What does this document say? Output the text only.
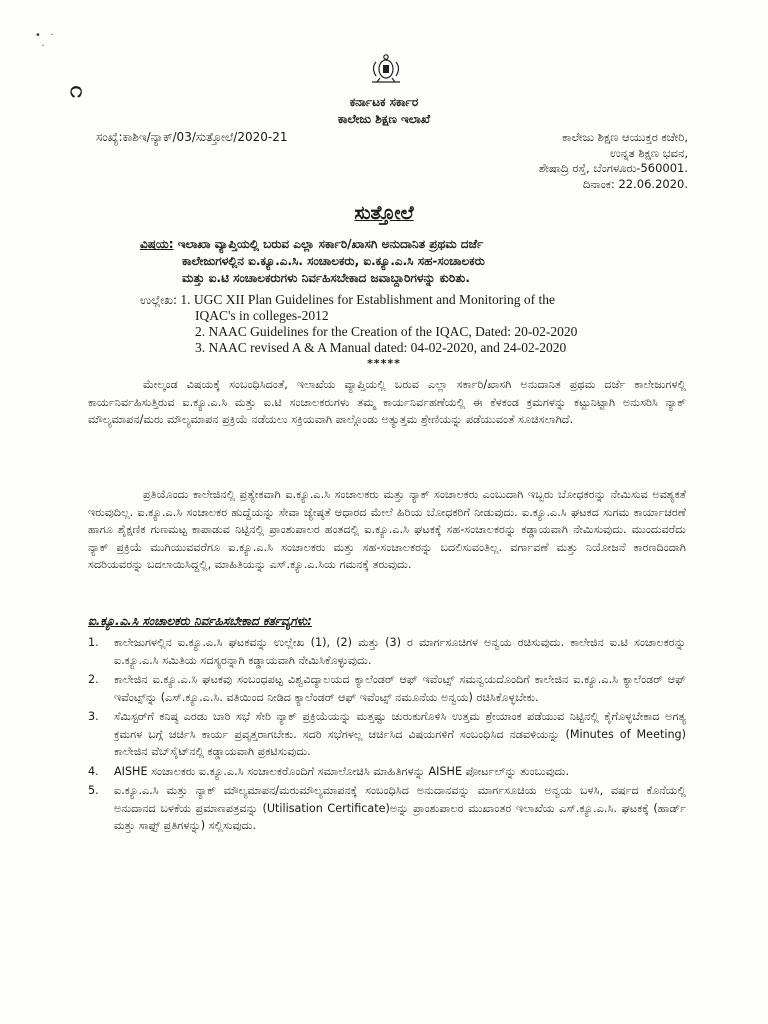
•   ·
·
೧	ಕರ್ನಾಟಕ ಸರ್ಕಾರ
ಕಾಲೇಜು ಶಿಕ್ಷಣ ಇಲಾಖೆ
ಸಂಖ್ಯೆ:ಕಾಶಿಇ/ನ್ಯಾಕ್/03/ಸುತ್ತೋಲೆ/2020-21	ಕಾಲೇಜು ಶಿಕ್ಷಣ ಆಯುಕ್ತರ ಕಚೇರಿ,
ಉನ್ನತ ಶಿಕ್ಷಣ ಭವನ,
ಶೇಷಾದ್ರಿ ರಸ್ತೆ, ಬೆಂಗಳೂರು-560001.
ದಿನಾಂಕ: 22.06.2020.
ಸುತ್ತೋಲೆ
ವಿಷಯ: ಇಲಾಖಾ ವ್ಯಾಪ್ತಿಯಲ್ಲಿ ಬರುವ ಎಲ್ಲಾ ಸರ್ಕಾರಿ/ಖಾಸಗಿ ಅನುದಾನಿತ ಪ್ರಥಮ ದರ್ಜೆ
ಕಾಲೇಜುಗಳಲ್ಲಿನ ಐ.ಕ್ಯೂ.ಎ.ಸಿ. ಸಂಚಾಲಕರು, ಐ.ಕ್ಯೂ.ಎ.ಸಿ ಸಹ-ಸಂಚಾಲಕರು
ಮತ್ತು ಐ.ಟಿ ಸಂಚಾಲಕರುಗಳು ನಿರ್ವಹಿಸಬೇಕಾದ ಜವಾಬ್ದಾರಿಗಳನ್ನು ಕುರಿತು.
ಉಲ್ಲೇಖ: 1. UGC XII Plan Guidelines for Establishment and Monitoring of the
IQAC's in colleges-2012
2. NAAC Guidelines for the Creation of the IQAC, Dated: 20-02-2020
3. NAAC revised A & A Manual dated: 04-02-2020, and 24-02-2020
*****
ಮೇಲ್ಕಂಡ ವಿಷಯಕ್ಕೆ ಸಂಬಂಧಿಸಿದಂತೆ, ಇಲಾಖೆಯ ವ್ಯಾಪ್ತಿಯಲ್ಲಿ ಬರುವ ಎಲ್ಲಾ ಸರ್ಕಾರಿ/ಖಾಸಗಿ ಅನುದಾನಿತ ಪ್ರಥಮ ದರ್ಜೆ ಕಾಲೇಜುಗಳಲ್ಲಿ ಕಾರ್ಯನಿರ್ವಹಿಸುತ್ತಿರುವ ಐ.ಕ್ಯೂ.ಎ.ಸಿ ಮತ್ತು ಐ.ಟಿ ಸಂಚಾಲಕರುಗಳು ತಮ್ಮ ಕಾರ್ಯನಿರ್ವಹಣೆಯಲ್ಲಿ ಈ ಕೆಳಕಂಡ ಕ್ರಮಗಳನ್ನು ಕಟ್ಟುನಿಟ್ಟಾಗಿ ಅನುಸರಿಸಿ ನ್ಯಾಕ್ ಮೌಲ್ಯಮಾಪನ/ಮರು ಮೌಲ್ಯಮಾಪನ ಪ್ರಕ್ರಿಯೆ ನಡೆಯಲು ಸಕ್ರಿಯವಾಗಿ ಪಾಲ್ಗೊಂಡು ಅತ್ಯುತ್ತಮ ಶ್ರೇಣಿಯನ್ನು ಪಡೆಯುವಂತೆ ಸೂಚಿಸಲಾಗಿದೆ.
ಪ್ರತಿಯೊಂದು ಕಾಲೇಜಿನಲ್ಲಿ ಪ್ರತ್ಯೇಕವಾಗಿ ಐ.ಕ್ಯೂ.ಎ.ಸಿ ಸಂಚಾಲಕರು ಮತ್ತು ನ್ಯಾಕ್ ಸಂಚಾಲಕರು ಎಂಬುದಾಗಿ ಇಬ್ಬರು ಬೋಧಕರನ್ನು ನೇಮಿಸುವ ಅವಶ್ಯಕತೆ ಇರುವುದಿಲ್ಲ. ಐ.ಕ್ಯೂ.ಎ.ಸಿ ಸಂಚಾಲಕರ ಹುದ್ದೆಯನ್ನು ಸೇವಾ ಜ್ಯೇಷ್ಠತೆ ಆಧಾರದ ಮೇಲೆ ಹಿರಿಯ ಬೋಧಕರಿಗೆ ನೀಡುವುದು. ಐ.ಕ್ಯೂ.ಎ.ಸಿ ಘಟಕದ ಸುಗಮ ಕಾರ್ಯಾಚರಣೆ ಹಾಗೂ ಶೈಕ್ಷಣಿಕ ಗುಣಮಟ್ಟ ಕಾಪಾಡುವ ನಿಟ್ಟಿನಲ್ಲಿ ಪ್ರಾಂಶುಪಾಲರ ಹಂತದಲ್ಲಿ ಐ.ಕ್ಯೂ.ಎ.ಸಿ ಘಟಕಕ್ಕೆ ಸಹ-ಸಂಚಾಲಕರನ್ನು ಕಡ್ಡಾಯವಾಗಿ ನೇಮಿಸುವುದು. ಮುಂದುವರೆದು ನ್ಯಾಕ್ ಪ್ರಕ್ರಿಯೆ ಮುಗಿಯುವವರೆಗೂ ಐ.ಕ್ಯೂ.ಎ.ಸಿ ಸಂಚಾಲಕರು ಮತ್ತು ಸಹ-ಸಂಚಾಲಕರನ್ನು ಬದಲಿಸುವಂತಿಲ್ಲ. ವರ್ಗಾವಣೆ ಮತ್ತು ನಿಯೋಜನೆ ಕಾರಣದಿಂದಾಗಿ ಸದರಿಯವರನ್ನು ಬದಲಾಯಿಸಿದ್ದಲ್ಲಿ, ಮಾಹಿತಿಯನ್ನು ಎಸ್.ಕ್ಯೂ.ಎ.ಸಿಯ ಗಮನಕ್ಕೆ ತರುವುದು.
ಐ.ಕ್ಯೂ.ಎ.ಸಿ ಸಂಚಾಲಕರು ನಿರ್ವಹಿಸಬೇಕಾದ ಕರ್ತವ್ಯಗಳು:
1. ಕಾಲೇಜುಗಳಲ್ಲಿನ ಐ.ಕ್ಯೂ.ಎ.ಸಿ ಘಟಕವನ್ನು ಉಲ್ಲೇಖ (1), (2) ಮತ್ತು (3) ರ ಮಾರ್ಗಸೂಚಿಗಳ ಅನ್ವಯ ರಚಿಸುವುದು. ಕಾಲೇಜಿನ ಐ.ಟಿ ಸಂಚಾಲಕರನ್ನು ಐ.ಕ್ಯೂ.ಎ.ಸಿ ಸಮಿತಿಯ ಸದಸ್ಯರನ್ನಾಗಿ ಕಡ್ಡಾಯವಾಗಿ ನೇಮಿಸಿಕೊಳ್ಳುವುದು.
2. ಕಾಲೇಜಿನ ಐ.ಕ್ಯೂ.ಎ.ಸಿ ಘಟಕವು ಸಂಬಂಧಪಟ್ಟ ವಿಶ್ವವಿದ್ಯಾಲಯದ ಕ್ಯಾಲೆಂಡರ್ ಆಫ್ ಇವೆಂಟ್ಸ್ ಸಮನ್ವಯದೊಂದಿಗೆ ಕಾಲೇಜಿನ ಐ.ಕ್ಯೂ.ಎ.ಸಿ ಕ್ಯಾಲೆಂಡರ್ ಆಫ್ ಇವೆಂಟ್ಸ್‌ನ್ನು (ಎಸ್.ಕ್ಯೂ.ಎ.ಸಿ. ವತಿಯಿಂದ ನೀಡಿದ ಕ್ಯಾಲೆಂಡರ್ ಆಫ್ ಇವೆಂಟ್ಸ್ ನಮೂನೆಯ ಅನ್ವಯ) ರಚಿಸಿಕೊಳ್ಳಬೇಕು.
3. ಸೆಮಿಸ್ಟರ್‌ಗೆ ಕನಿಷ್ಠ ಎರಡು ಬಾರಿ ಸಭೆ ಸೇರಿ ನ್ಯಾಕ್ ಪ್ರಕ್ರಿಯೆಯನ್ನು ಮತ್ತಷ್ಟು ಚುರುಕುಗೊಳಿಸಿ ಉತ್ತಮ ಶ್ರೇಯಾಂಕ ಪಡೆಯುವ ನಿಟ್ಟಿನಲ್ಲಿ ಕೈಗೊಳ್ಳಬೇಕಾದ ಅಗತ್ಯ ಕ್ರಮಗಳ ಬಗ್ಗೆ ಚರ್ಚಿಸಿ ಕಾರ್ಯ ಪ್ರವೃತ್ತರಾಗಬೇಕು. ಸದರಿ ಸಭೆಗಳಲ್ಲ ಚರ್ಚಿಸಿದ ವಿಷಯಗಳಿಗೆ ಸಂಬಂಧಿಸಿದ ನಡವಳಿಯನ್ನು (Minutes of Meeting) ಕಾಲೇಜಿನ ವೆಬ್‌ಸೈಟ್‌ನಲ್ಲಿ ಕಡ್ಡಾಯವಾಗಿ ಪ್ರಕಟಿಸುವುದು.
4. AISHE ಸಂಚಾಲಕರು ಐ.ಕ್ಯೂ.ಎ.ಸಿ ಸಂಚಾಲಕರೊಂದಿಗೆ ಸಮಾಲೋಚಿಸಿ ಮಾಹಿತಿಗಳನ್ನು AISHE ಪೋರ್ಟಲ್‌ನ್ನು ತುಂಬುವುದು.
5. ಐ.ಕ್ಯೂ.ಎ.ಸಿ ಮತ್ತು ನ್ಯಾಕ್ ಮೌಲ್ಯಮಾಪನ/ಮರುಮೌಲ್ಯಮಾಪನಕ್ಕೆ ಸಂಬಂಧಿಸಿದ ಅನುದಾನವನ್ನು ಮಾರ್ಗಸೂಚಿಯ ಅನ್ವಯ ಬಳಸಿ, ವರ್ಷದ ಕೊನೆಯಲ್ಲಿ ಅನುದಾನದ ಬಳಕೆಯ ಪ್ರಮಾಣಪತ್ರವನ್ನು (Utilisation Certificate)ಅನ್ನು ಪ್ರಾಂಶುಪಾಲರ ಮುಖಾಂತರ ಇಲಾಖೆಯ ಎಸ್.ಕ್ಯೂ.ಎ.ಸಿ. ಘಟಕಕ್ಕೆ (ಹಾರ್ಡ್ ಮತ್ತು ಸಾಫ್ಟ್ ಪ್ರತಿಗಳನ್ನು) ಸಲ್ಲಿಸುವುದು.
